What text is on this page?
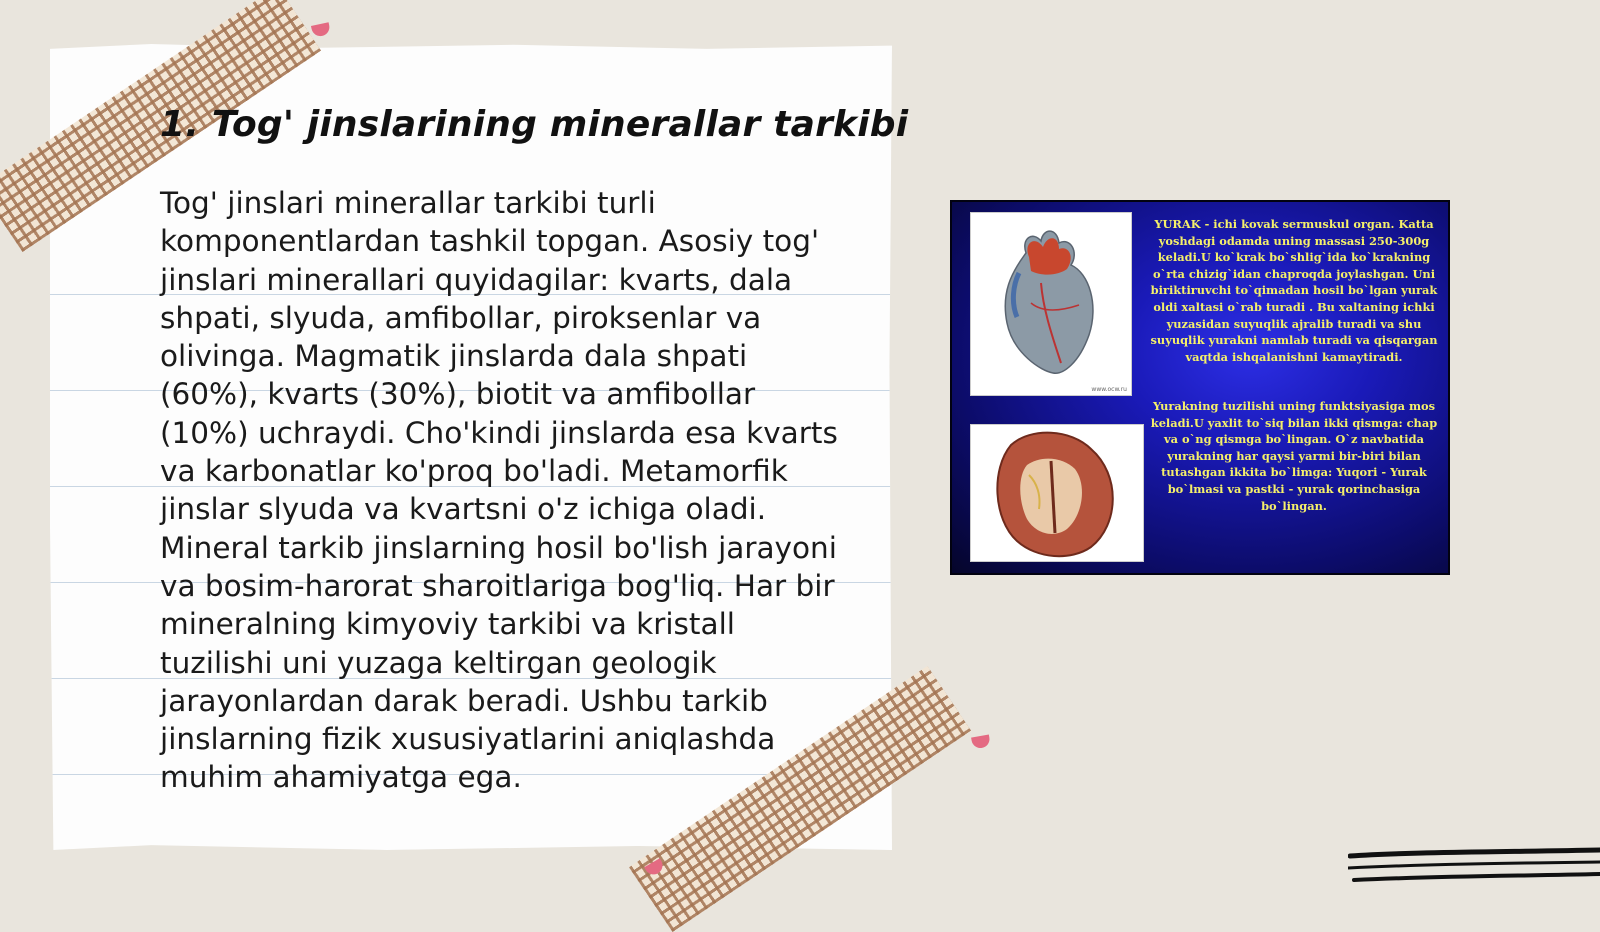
1. Tog' jinslarining minerallar tarkibi

Tog' jinslari minerallar tarkibi turli komponentlardan tashkil topgan. Asosiy tog' jinslari minerallari quyidagilar: kvarts, dala shpati, slyuda, amfibollar, piroksenlar va olivinga. Magmatik jinslarda dala shpati (60%), kvarts (30%), biotit va amfibollar (10%) uchraydi. Cho'kindi jinslarda esa kvarts va karbonatlar ko'proq bo'ladi. Metamorfik jinslar slyuda va kvartsni o'z ichiga oladi. Mineral tarkib jinslarning hosil bo'lish jarayoni va bosim-harorat sharoitlariga bog'liq. Har bir mineralning kimyoviy tarkibi va kristall tuzilishi uni yuzaga keltirgan geologik jarayonlardan darak beradi. Ushbu tarkib jinslarning fizik xususiyatlarini aniqlashda muhim ahamiyatga ega.

www.ocw.ru

YURAK - ichi kovak sermuskul organ. Katta yoshdagi odamda uning massasi 250-300g keladi.U ko`krak bo`shlig`ida ko`krakning o`rta chizig`idan chaproqda joylashgan. Uni biriktiruvchi to`qimadan hosil bo`lgan yurak oldi xaltasi o`rab turadi . Bu xaltaning ichki yuzasidan suyuqlik ajralib turadi va shu suyuqlik yurakni namlab turadi va qisqargan vaqtda ishqalanishni kamaytiradi.

Yurakning tuzilishi uning funktsiyasiga mos keladi.U yaxlit to`siq bilan ikki qismga: chap va o`ng qismga bo`lingan. O`z navbatida yurakning har qaysi yarmi bir-biri bilan tutashgan ikkita bo`limga: Yuqori - Yurak bo`lmasi va pastki - yurak qorinchasiga bo`lingan.
